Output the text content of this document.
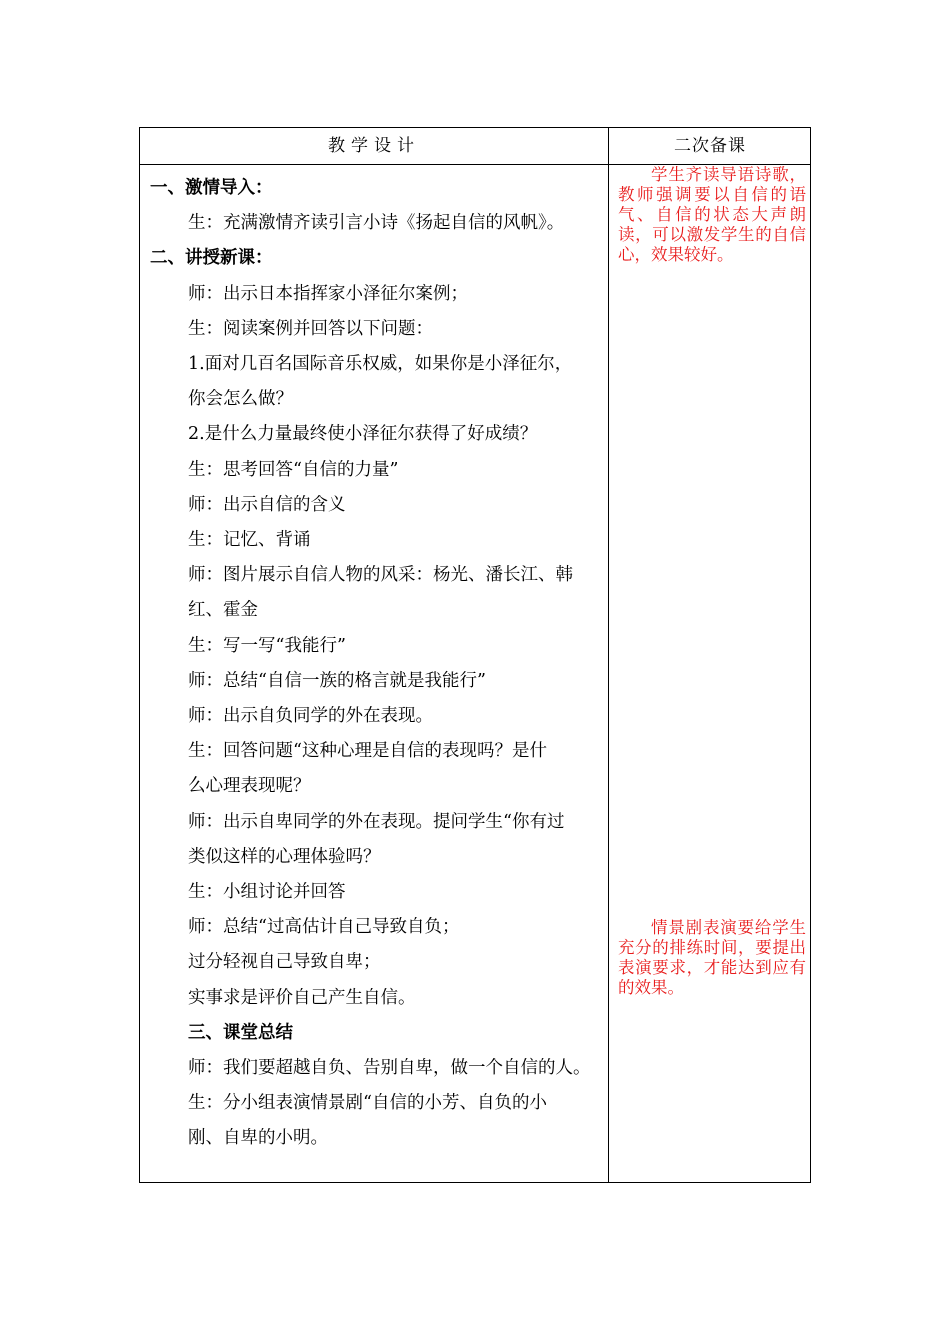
教学设计	二次备课
一、激情导入：
生：充满激情齐读引言小诗《扬起自信的风帆》。
二、讲授新课：
师：出示日本指挥家小泽征尔案例；
生：阅读案例并回答以下问题：
1.面对几百名国际音乐权威，如果你是小泽征尔，
你会怎么做？
2.是什么力量最终使小泽征尔获得了好成绩？
生：思考回答“自信的力量”
师：出示自信的含义
生：记忆、背诵
师：图片展示自信人物的风采：杨光、潘长江、韩
红、霍金
生：写一写“我能行”
师：总结“自信一族的格言就是我能行”
师：出示自负同学的外在表现。
生：回答问题“这种心理是自信的表现吗？是什
么心理表现呢？
师：出示自卑同学的外在表现。提问学生“你有过
类似这样的心理体验吗？
生：小组讨论并回答
师：总结“过高估计自己导致自负；
过分轻视自己导致自卑；
实事求是评价自己产生自信。
三、课堂总结
师：我们要超越自负、告别自卑，做一个自信的人。
生：分小组表演情景剧“自信的小芳、自负的小
刚、自卑的小明。
学生齐读导语诗歌，教师强调要以自信的语气、自信的状态大声朗读，可以激发学生的自信心，效果较好。
情景剧表演要给学生充分的排练时间，要提出表演要求，才能达到应有的效果。
